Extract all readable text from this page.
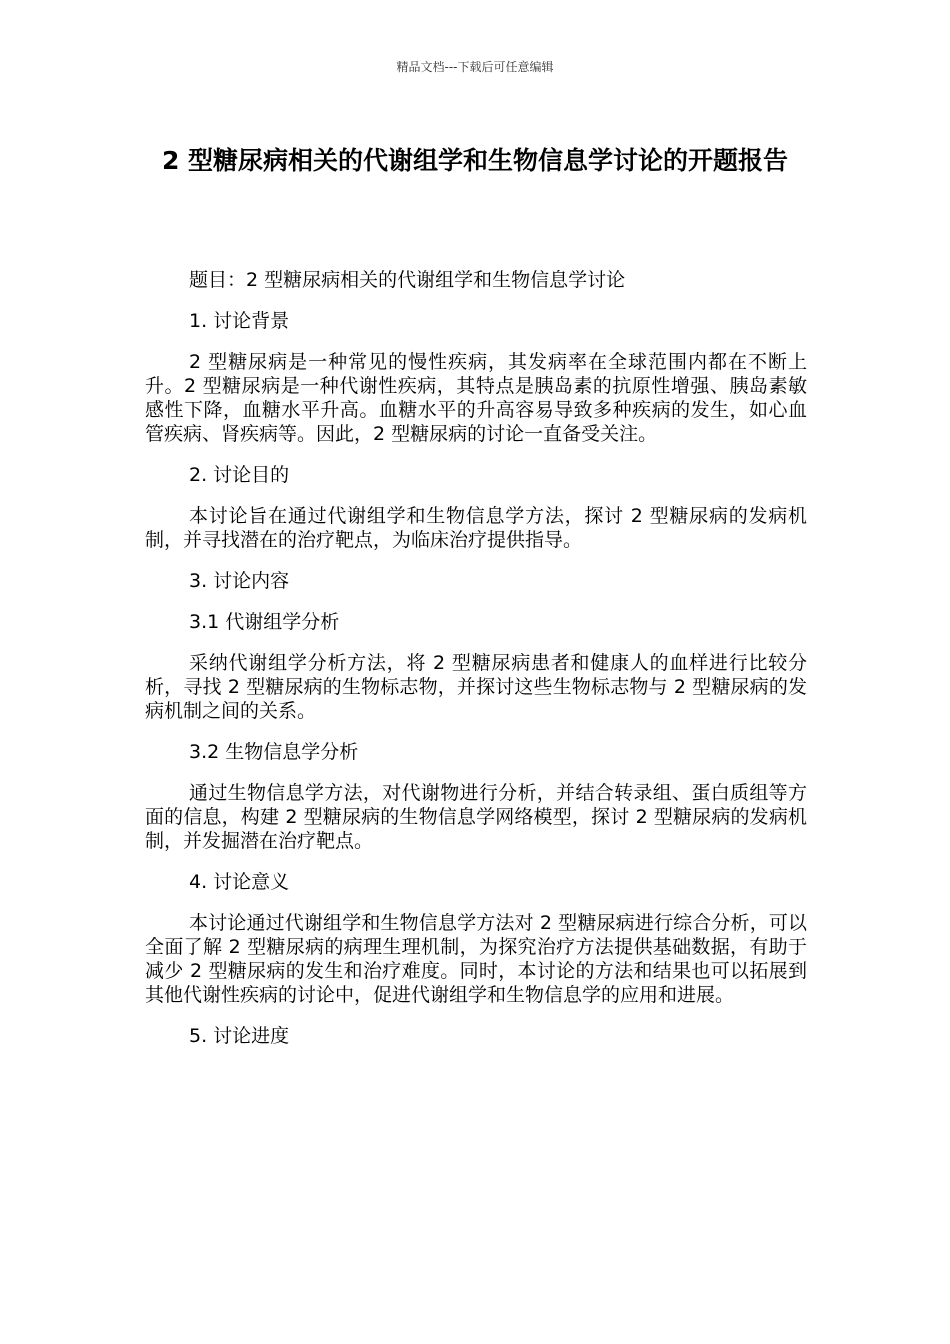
精品文档---下载后可任意编辑
2 型糖尿病相关的代谢组学和生物信息学讨论的开题报告

题目：2 型糖尿病相关的代谢组学和生物信息学讨论

1. 讨论背景

2 型糖尿病是一种常见的慢性疾病，其发病率在全球范围内都在不断上升。2 型糖尿病是一种代谢性疾病，其特点是胰岛素的抗原性增强、胰岛素敏感性下降，血糖水平升高。血糖水平的升高容易导致多种疾病的发生，如心血管疾病、肾疾病等。因此，2 型糖尿病的讨论一直备受关注。

2. 讨论目的

本讨论旨在通过代谢组学和生物信息学方法，探讨 2 型糖尿病的发病机制，并寻找潜在的治疗靶点，为临床治疗提供指导。

3. 讨论内容

3.1 代谢组学分析

采纳代谢组学分析方法，将 2 型糖尿病患者和健康人的血样进行比较分析，寻找 2 型糖尿病的生物标志物，并探讨这些生物标志物与 2 型糖尿病的发病机制之间的关系。

3.2 生物信息学分析

通过生物信息学方法，对代谢物进行分析，并结合转录组、蛋白质组等方面的信息，构建 2 型糖尿病的生物信息学网络模型，探讨 2 型糖尿病的发病机制，并发掘潜在治疗靶点。

4. 讨论意义

本讨论通过代谢组学和生物信息学方法对 2 型糖尿病进行综合分析，可以全面了解 2 型糖尿病的病理生理机制，为探究治疗方法提供基础数据，有助于减少 2 型糖尿病的发生和治疗难度。同时，本讨论的方法和结果也可以拓展到其他代谢性疾病的讨论中，促进代谢组学和生物信息学的应用和进展。

5. 讨论进度
